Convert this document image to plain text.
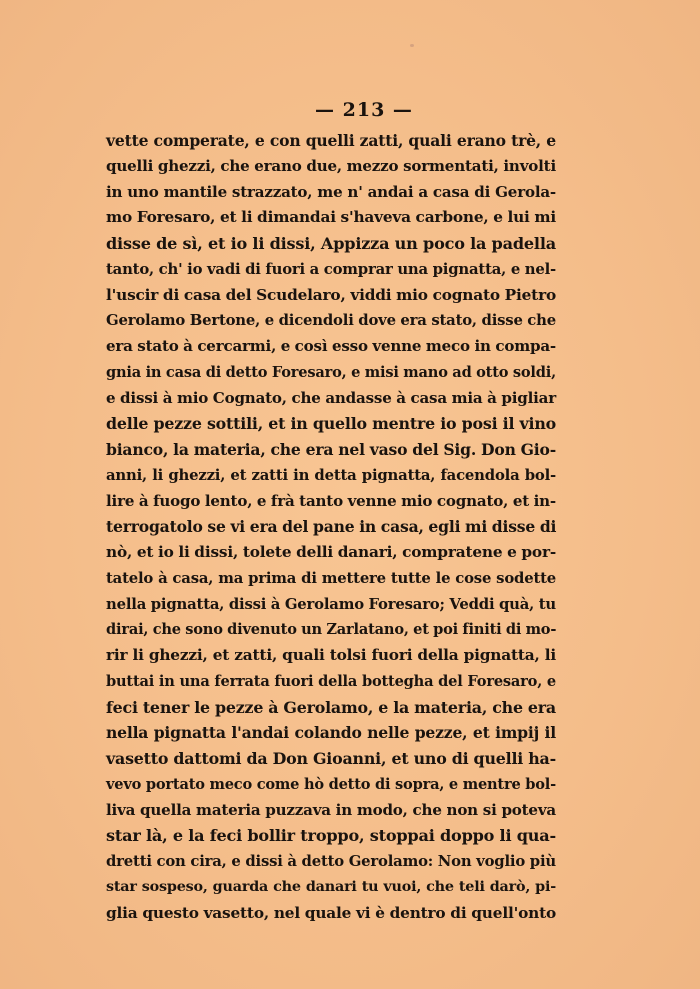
— 213 —
vette comperate, e con quelli zatti, quali erano trè, e
quelli ghezzi, che erano due, mezzo sormentati, involti
in uno mantile strazzato, me n' andai a casa di Gerola-
mo Foresaro, et li dimandai s'haveva carbone, e lui mi
disse de sì, et io li dissi, Appizza un poco la padella
tanto, ch' io vadi di fuori a comprar una pignatta, e nel-
l'uscir di casa del Scudelaro, viddi mio cognato Pietro
Gerolamo Bertone, e dicendoli dove era stato, disse che
era stato à cercarmi, e così esso venne meco in compa-
gnia in casa di detto Foresaro, e misi mano ad otto soldi,
e dissi à mio Cognato, che andasse à casa mia à pigliar
delle pezze sottili, et in quello mentre io posi il vino
bianco, la materia, che era nel vaso del Sig. Don Gio-
anni, li ghezzi, et zatti in detta pignatta, facendola bol-
lire à fuogo lento, e frà tanto venne mio cognato, et in-
terrogatolo se vi era del pane in casa, egli mi disse di
nò, et io li dissi, tolete delli danari, compratene e por-
tatelo à casa, ma prima di mettere tutte le cose sodette
nella pignatta, dissi à Gerolamo Foresaro; Veddi quà, tu
dirai, che sono divenuto un Zarlatano, et poi finiti di mo-
rir li ghezzi, et zatti, quali tolsi fuori della pignatta, li
buttai in una ferrata fuori della bottegha del Foresaro, e
feci tener le pezze à Gerolamo, e la materia, che era
nella pignatta l'andai colando nelle pezze, et impij il
vasetto dattomi da Don Gioanni, et uno di quelli ha-
vevo portato meco come hò detto di sopra, e mentre bol-
liva quella materia puzzava in modo, che non si poteva
star là, e la feci bollir troppo, stoppai doppo li qua-
dretti con cira, e dissi à detto Gerolamo: Non voglio più
star sospeso, guarda che danari tu vuoi, che teli darò, pi-
glia questo vasetto, nel quale vi è dentro di quell'onto
